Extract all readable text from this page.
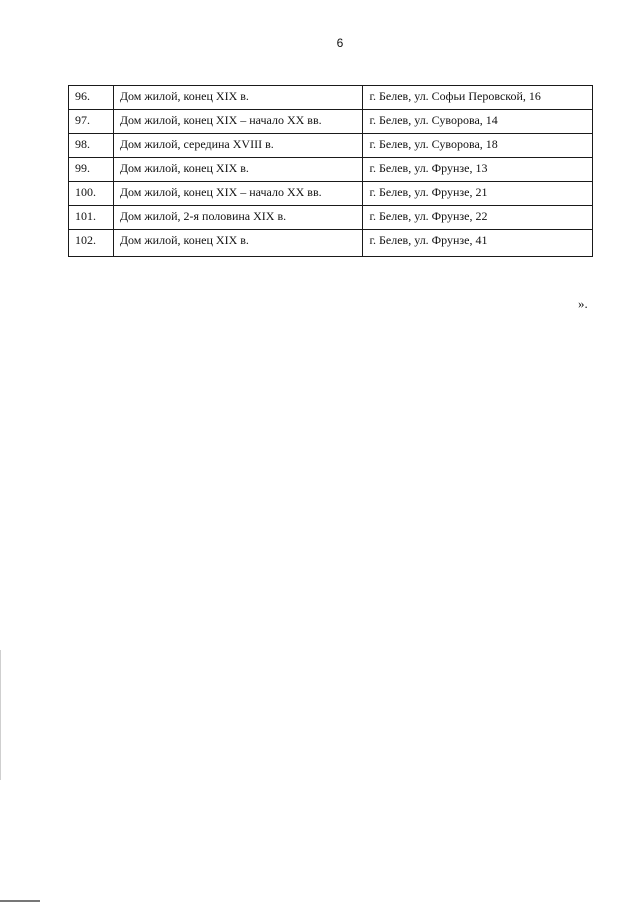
6
96.	Дом жилой, конец XIX в.	г. Белев, ул. Софьи Перовской, 16
97.	Дом жилой, конец XIX – начало XX вв.	г. Белев, ул. Суворова, 14
98.	Дом жилой, середина XVIII в.	г. Белев, ул. Суворова, 18
99.	Дом жилой, конец XIX в.	г. Белев, ул. Фрунзе, 13
100.	Дом жилой, конец XIX – начало XX вв.	г. Белев, ул. Фрунзе, 21
101.	Дом жилой, 2-я половина XIX в.	г. Белев, ул. Фрунзе, 22
102.	Дом жилой, конец XIX в.	г. Белев, ул. Фрунзе, 41
».
